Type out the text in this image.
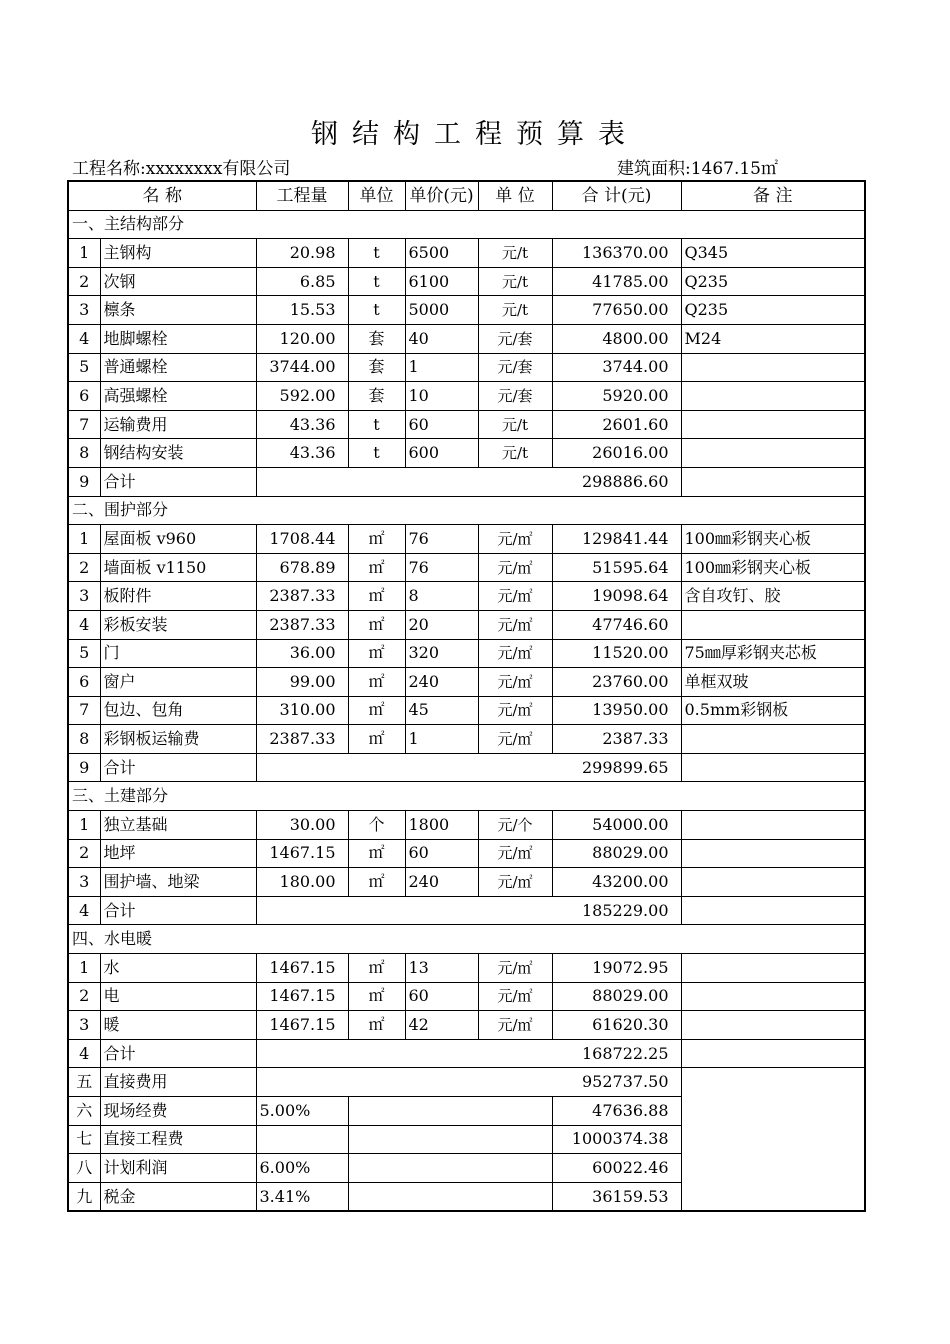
钢结构工程预算表
工程名称:xxxxxxxx有限公司	建筑面积:1467.15㎡
名 称		工程量	单位	单价(元)	单 位	合 计(元)	备 注
一、主结构部分							
1	主钢构	20.98	t	6500	元/t	136370.00	Q345
2	次钢	6.85	t	6100	元/t	41785.00	Q235
3	檩条	15.53	t	5000	元/t	77650.00	Q235
4	地脚螺栓	120.00	套	40	元/套	4800.00	M24
5	普通螺栓	3744.00	套	1	元/套	3744.00	
6	高强螺栓	592.00	套	10	元/套	5920.00	
7	运输费用	43.36	t	60	元/t	2601.60	
8	钢结构安装	43.36	t	600	元/t	26016.00	
9	合计	298886.60					
二、围护部分							
1	屋面板 v960	1708.44	㎡	76	元/㎡	129841.44	100㎜彩钢夹心板
2	墙面板 v1150	678.89	㎡	76	元/㎡	51595.64	100㎜彩钢夹心板
3	板附件	2387.33	㎡	8	元/㎡	19098.64	含自攻钉、胶
4	彩板安装	2387.33	㎡	20	元/㎡	47746.60	
5	门	36.00	㎡	320	元/㎡	11520.00	75㎜厚彩钢夹芯板
6	窗户	99.00	㎡	240	元/㎡	23760.00	单框双玻
7	包边、包角	310.00	㎡	45	元/㎡	13950.00	0.5mm彩钢板
8	彩钢板运输费	2387.33	㎡	1	元/㎡	2387.33	
9	合计	299899.65					
三、土建部分							
1	独立基础	30.00	个	1800	元/个	54000.00	
2	地坪	1467.15	㎡	60	元/㎡	88029.00	
3	围护墙、地梁	180.00	㎡	240	元/㎡	43200.00	
4	合计	185229.00					
四、水电暖							
1	水	1467.15	㎡	13	元/㎡	19072.95	
2	电	1467.15	㎡	60	元/㎡	88029.00	
3	暖	1467.15	㎡	42	元/㎡	61620.30	
4	合计	168722.25					
五	直接费用	952737.50					
六	现场经费	5.00%				47636.88	
七	直接工程费					1000374.38	
八	计划利润	6.00%				60022.46	
九	税金	3.41%				36159.53	
